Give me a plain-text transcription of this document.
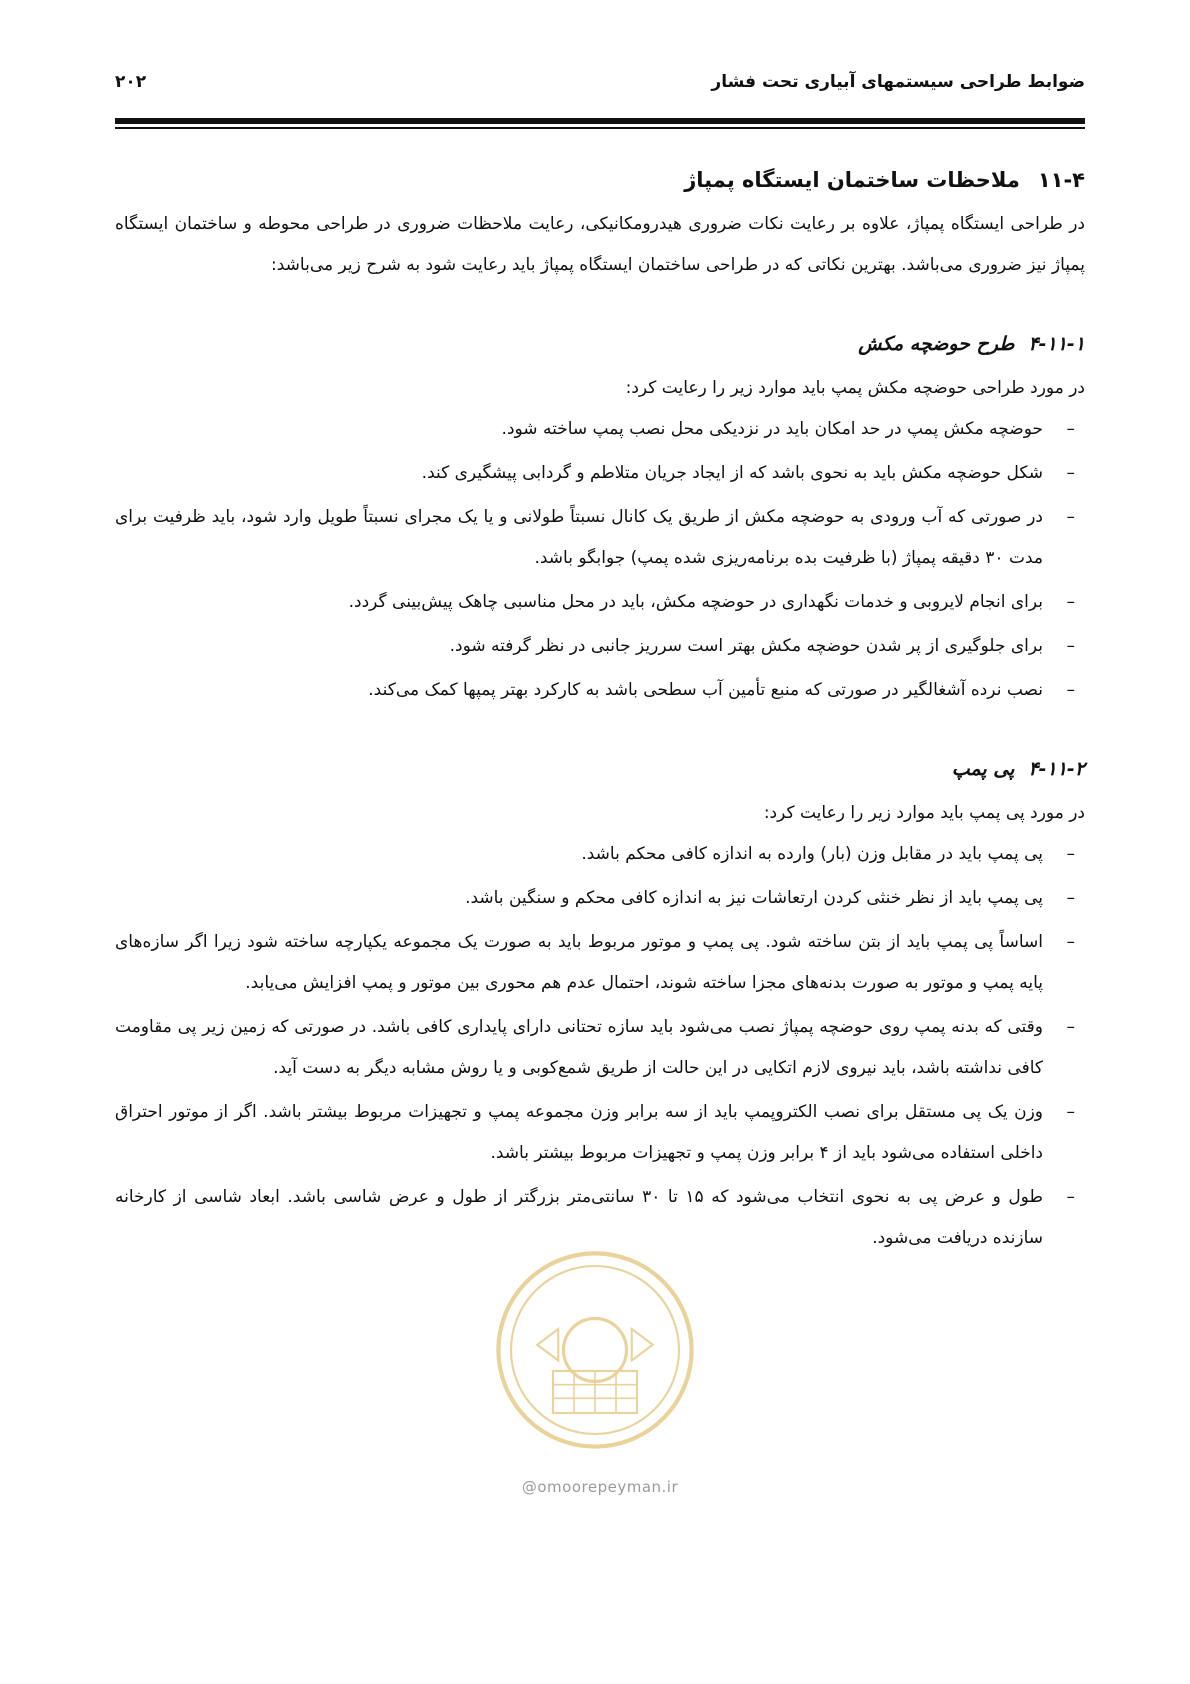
ضوابط طراحی سیستمهای آبیاری تحت فشار
۲۰۲
۱۱-۴ملاحظات ساختمان ایستگاه پمپاژ

در طراحی ایستگاه پمپاژ، علاوه بر رعایت نکات ضروری هیدرومکانیکی، رعایت ملاحظات ضروری در طراحی محوطه و ساختمان ایستگاه پمپاژ نیز ضروری می‌باشد. بهترین نکاتی که در طراحی ساختمان ایستگاه پمپاژ باید رعایت شود به شرح زیر می‌باشد:

۴-۱۱-۱طرح حوضچه مکش

در مورد طراحی حوضچه مکش پمپ باید موارد زیر را رعایت کرد:

– حوضچه مکش پمپ در حد امکان باید در نزدیکی محل نصب پمپ ساخته شود.
– شکل حوضچه مکش باید به نحوی باشد که از ایجاد جریان متلاطم و گردابی پیشگیری کند.
– در صورتی که آب ورودی به حوضچه مکش از طریق یک کانال نسبتاً طولانی و یا یک مجرای نسبتاً طویل وارد شود، باید ظرفیت برای مدت ۳۰ دقیقه پمپاژ (با ظرفیت بده برنامه‌ریزی شده پمپ) جوابگو باشد.
– برای انجام لایروبی و خدمات نگهداری در حوضچه مکش، باید در محل مناسبی چاهک پیش‌بینی گردد.
– برای جلوگیری از پر شدن حوضچه مکش بهتر است سرریز جانبی در نظر گرفته شود.
– نصب نرده آشغالگیر در صورتی که منبع تأمین آب سطحی باشد به کارکرد بهتر پمپها کمک می‌کند.
۴-۱۱-۲پی پمپ

در مورد پی پمپ باید موارد زیر را رعایت کرد:

– پی پمپ باید در مقابل وزن (بار) وارده به اندازه کافی محکم باشد.
– پی پمپ باید از نظر خنثی کردن ارتعاشات نیز به اندازه کافی محکم و سنگین باشد.
– اساساً پی پمپ باید از بتن ساخته شود. پی پمپ و موتور مربوط باید به صورت یک مجموعه یکپارچه ساخته شود زیرا اگر سازه‌های پایه پمپ و موتور به صورت بدنه‌های مجزا ساخته شوند، احتمال عدم هم محوری بین موتور و پمپ افزایش می‌یابد.
– وقتی که بدنه پمپ روی حوضچه پمپاژ نصب می‌شود باید سازه تحتانی دارای پایداری کافی باشد. در صورتی که زمین زیر پی مقاومت کافی نداشته باشد، باید نیروی لازم اتکایی در این حالت از طریق شمع‌کوبی و یا روش مشابه دیگر به دست آید.
– وزن یک پی مستقل برای نصب الکتروپمپ باید از سه برابر وزن مجموعه پمپ و تجهیزات مربوط بیشتر باشد. اگر از موتور احتراق داخلی استفاده می‌شود باید از ۴ برابر وزن پمپ و تجهیزات مربوط بیشتر باشد.
– طول و عرض پی به نحوی انتخاب می‌شود که ۱۵ تا ۳۰ سانتی‌متر بزرگتر از طول و عرض شاسی باشد. ابعاد شاسی از کارخانه سازنده دریافت می‌شود.
@omoorepeyman.ir
